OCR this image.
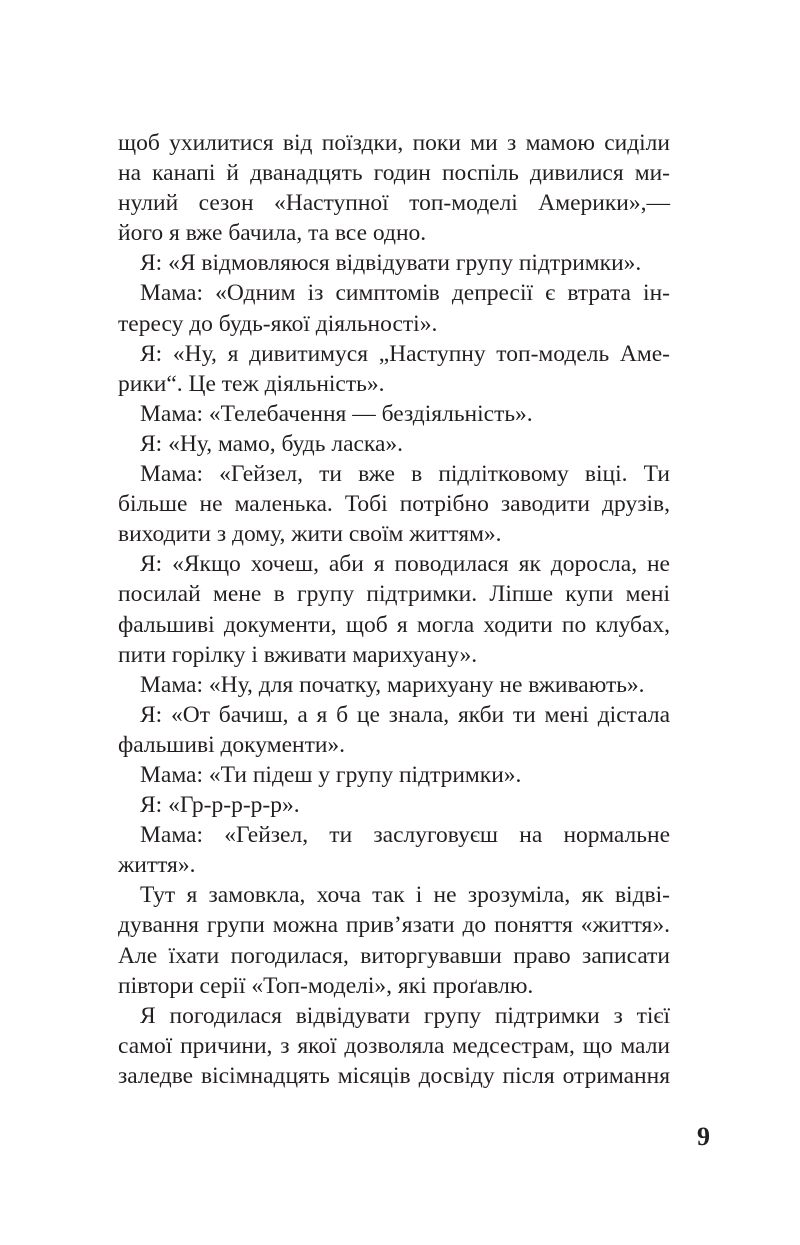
щоб ухилитися від поїздки, поки ми з мамою сиділи
на канапі й дванадцять годин поспіль дивилися ми-
нулий сезон «Наступної топ-моделі Америки»,—
його я вже бачила, та все одно.
Я: «Я відмовляюся відвідувати групу підтримки».
Мама: «Одним із симптомів депресії є втрата ін-
тересу до будь-якої діяльності».
Я: «Ну, я дивитимуся „Наступну топ-модель Аме-
рики“. Це теж діяльність».
Мама: «Телебачення — бездіяльність».
Я: «Ну, мамо, будь ласка».
Мама: «Гейзел, ти вже в підлітковому віці. Ти
більше не маленька. Тобі потрібно заводити друзів,
виходити з дому, жити своїм життям».
Я: «Якщо хочеш, аби я поводилася як доросла, не
посилай мене в групу підтримки. Ліпше купи мені
фальшиві документи, щоб я могла ходити по клубах,
пити горілку і вживати марихуану».
Мама: «Ну, для початку, марихуану не вживають».
Я: «От бачиш, а я б це знала, якби ти мені дістала
фальшиві документи».
Мама: «Ти підеш у групу підтримки».
Я: «Гр-р-р-р-р».
Мама: «Гейзел, ти заслуговуєш на нормальне
життя».
Тут я замовкла, хоча так і не зрозуміла, як відві-
дування групи можна прив’язати до поняття «життя».
Але їхати погодилася, виторгувавши право записати
півтори серії «Топ-моделі», які проґавлю.
Я погодилася відвідувати групу підтримки з тієї
самої причини, з якої дозволяла медсестрам, що мали
заледве вісімнадцять місяців досвіду після отримання
9
